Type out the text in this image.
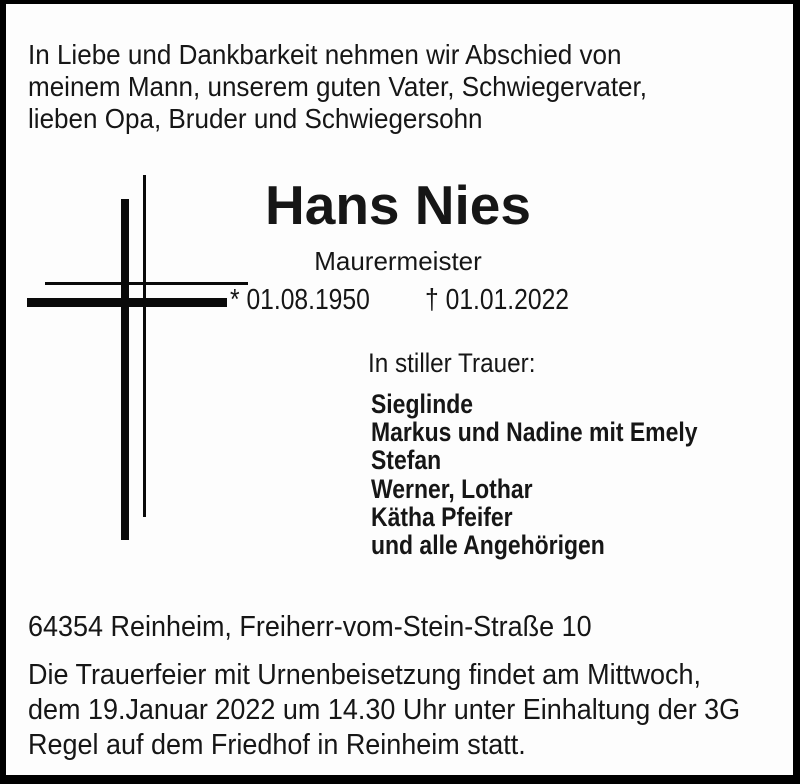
In Liebe und Dankbarkeit nehmen wir Abschied von
meinem Mann, unserem guten Vater, Schwiegervater,
lieben Opa, Bruder und Schwiegersohn
Hans Nies
Maurermeister
* 01.08.1950 † 01.01.2022
In stiller Trauer:
Sieglinde
Markus und Nadine mit Emely
Stefan
Werner, Lothar
Kätha Pfeifer
und alle Angehörigen
64354 Reinheim, Freiherr-vom-Stein-Straße 10
Die Trauerfeier mit Urnenbeisetzung findet am Mittwoch,
dem 19.Januar 2022 um 14.30 Uhr unter Einhaltung der 3G
Regel auf dem Friedhof in Reinheim statt.
